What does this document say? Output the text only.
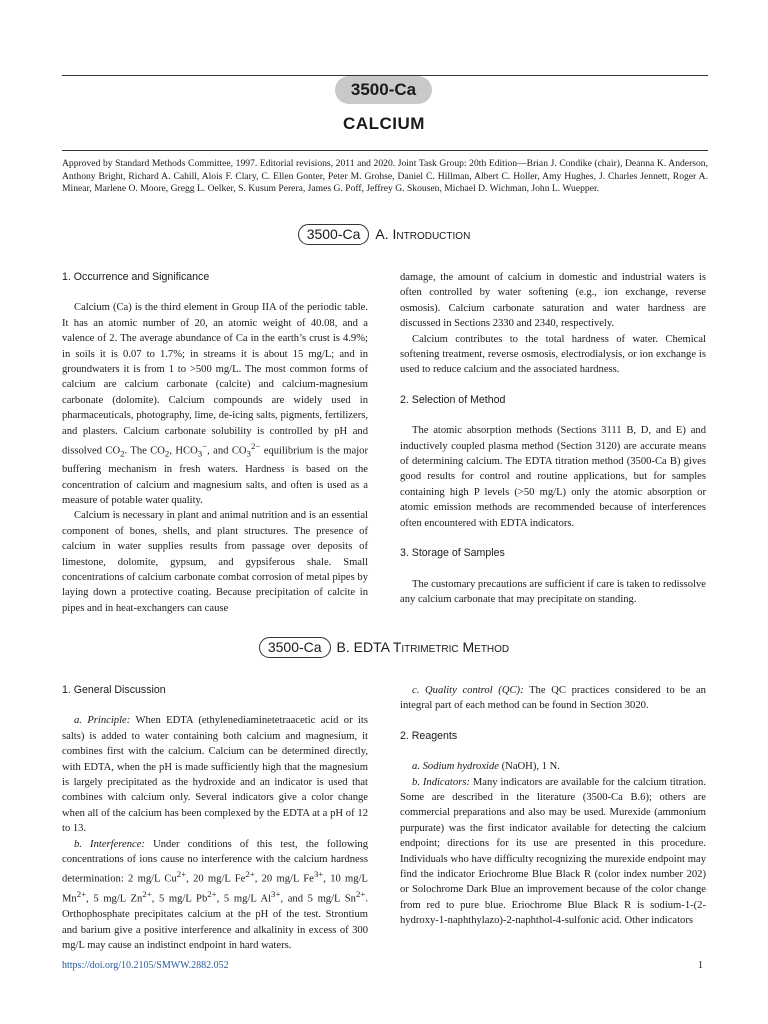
3500-Ca
CALCIUM
Approved by Standard Methods Committee, 1997. Editorial revisions, 2011 and 2020. Joint Task Group: 20th Edition—Brian J. Condike (chair), Deanna K. Anderson, Anthony Bright, Richard A. Cahill, Alois F. Clary, C. Ellen Gonter, Peter M. Grohse, Daniel C. Hillman, Albert C. Holler, Amy Hughes, J. Charles Jennett, Roger A. Minear, Marlene O. Moore, Gregg L. Oelker, S. Kusum Perera, James G. Poff, Jeffrey G. Skousen, Michael D. Wichman, John L. Wuepper.
3500-Ca A. Introduction

1. Occurrence and Significance

Calcium (Ca) is the third element in Group IIA of the periodic table. It has an atomic number of 20, an atomic weight of 40.08, and a valence of 2. The average abundance of Ca in the earth’s crust is 4.9%; in soils it is 0.07 to 1.7%; in streams it is about 15 mg/L; and in groundwaters it is from 1 to >500 mg/L. The most common forms of calcium are calcium carbonate (calcite) and calcium-magnesium carbonate (dolomite). Calcium compounds are widely used in pharmaceuticals, photography, lime, de-icing salts, pigments, fertilizers, and plasters. Calcium carbonate solubility is controlled by pH and dissolved $CO_2$. The $CO_2$, $HCO_3^-$, and $CO_3^{2-}$ equilibrium is the major buffering mechanism in fresh waters. Hardness is based on the concentration of calcium and magnesium salts, and often is used as a measure of potable water quality.

Calcium is necessary in plant and animal nutrition and is an essential component of bones, shells, and plant structures. The presence of calcium in water supplies results from passage over deposits of limestone, dolomite, gypsum, and gypsiferous shale. Small concentrations of calcium carbonate combat corrosion of metal pipes by laying down a protective coating. Because precipitation of calcite in pipes and in heat-exchangers can cause

damage, the amount of calcium in domestic and industrial waters is often controlled by water softening (e.g., ion exchange, reverse osmosis). Calcium carbonate saturation and water hardness are discussed in Sections 2330 and 2340, respectively.

Calcium contributes to the total hardness of water. Chemical softening treatment, reverse osmosis, electrodialysis, or ion exchange is used to reduce calcium and the associated hardness.

2. Selection of Method

The atomic absorption methods (Sections 3111 B, D, and E) and inductively coupled plasma method (Section 3120) are accurate means of determining calcium. The EDTA titration method (3500-Ca B) gives good results for control and routine applications, but for samples containing high P levels (>50 mg/L) only the atomic absorption or atomic emission methods are recommended because of interferences often encountered with EDTA indicators.

3. Storage of Samples

The customary precautions are sufficient if care is taken to redissolve any calcium carbonate that may precipitate on standing.

3500-Ca B. EDTA Titrimetric Method

1. General Discussion

a. Principle: When EDTA (ethylenediaminetetraacetic acid or its salts) is added to water containing both calcium and magnesium, it combines first with the calcium. Calcium can be determined directly, with EDTA, when the pH is made sufficiently high that the magnesium is largely precipitated as the hydroxide and an indicator is used that combines with calcium only. Several indicators give a color change when all of the calcium has been complexed by the EDTA at a pH of 12 to 13.

b. Interference: Under conditions of this test, the following concentrations of ions cause no interference with the calcium hardness determination: 2 mg/L $Cu^{2+}$, 20 mg/L $Fe^{2+}$, 20 mg/L $Fe^{3+}$, 10 mg/L $Mn^{2+}$, 5 mg/L $Zn^{2+}$, 5 mg/L $Pb^{2+}$, 5 mg/L $Al^{3+}$, and 5 mg/L $Sn^{2+}$. Orthophosphate precipitates calcium at the pH of the test. Strontium and barium give a positive interference and alkalinity in excess of 300 mg/L may cause an indistinct endpoint in hard waters.

c. Quality control (QC): The QC practices considered to be an integral part of each method can be found in Section 3020.

2. Reagents

a. Sodium hydroxide (NaOH), 1 N.

b. Indicators: Many indicators are available for the calcium titration. Some are described in the literature (3500-Ca B.6); others are commercial preparations and also may be used. Murexide (ammonium purpurate) was the first indicator available for detecting the calcium endpoint; directions for its use are presented in this procedure. Individuals who have difficulty recognizing the murexide endpoint may find the indicator Eriochrome Blue Black R (color index number 202) or Solochrome Dark Blue an improvement because of the color change from red to pure blue. Eriochrome Blue Black R is sodium-1-(2-hydroxy-1-naphthylazo)-2-naphthol-4-sulfonic acid. Other indicators

https://doi.org/10.2105/SMWW.2882.052	1
